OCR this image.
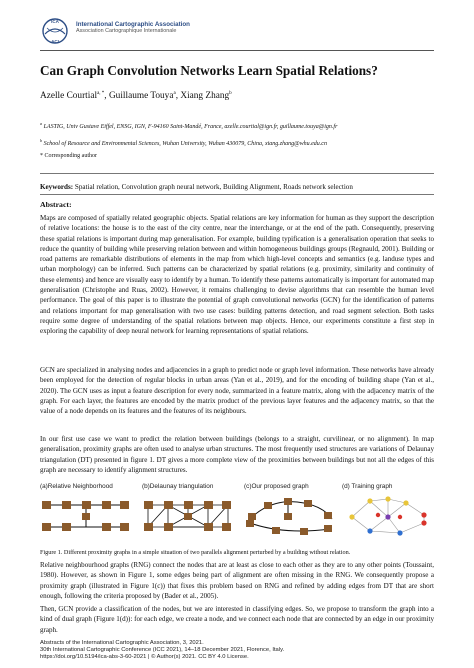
ICA
ACI
International Cartographic Association
Association Cartographique Internationale
Can Graph Convolution Networks Learn Spatial Relations?
Azelle Courtial$^{a, *}$, Guillaume Touya$^a$, Xiang Zhang$^b$
$^a$ LASTIG, Univ Gustave Eiffel, ENSG, IGN, F-94160 Saint-Mandé, France, azelle.courtial@ign.fr, guillaume.touya@ign.fr
$^b$ School of Resource and Environmental Sciences, Wuhan University, Wuhan 430079, China, xiang.zhang@whu.edu.cn
* Corresponding author
Keywords: Spatial relation, Convolution graph neural network, Building Alignment, Roads network selection
Abstract:

Maps are composed of spatially related geographic objects. Spatial relations are key information for human as they support the description of relative locations: the house is to the east of the city centre, near the interchange, or at the end of the path. Consequently, preserving these spatial relations is important during map generalisation. For example, building typification is a generalisation operation that seeks to reduce the quantity of building while preserving relation between and within homogeneous buildings groups (Regnauld, 2001). Building or road patterns are remarkable distributions of elements in the map from which high-level concepts and semantics (e.g. landuse types and urban morphology) can be inferred. Such patterns can be characterized by spatial relations (e.g. proximity, similarity and continuity of these elements) and hence are visually easy to identify by a human. To identify these patterns automatically is important for automated map generalisation (Christophe and Ruas, 2002). However, it remains challenging to devise algorithms that can resemble the human level performance. The goal of this paper is to illustrate the potential of graph convolutional networks (GCN) for the identification of patterns and relations important for map generalisation with two use cases: building patterns detection, and road segment selection. Both tasks require some degree of understanding of the spatial relations between map objects. Hence, our experiments constitute a first step in exploring the capability of deep neural network for learning representations of spatial relations.

GCN are specialized in analysing nodes and adjacencies in a graph to predict node or graph level information. These networks have already been employed for the detection of regular blocks in urban areas (Yan et al., 2019), and for the encoding of building shape (Yan et al., 2020). The GCN uses as input a feature description for every node, summarized in a feature matrix, along with the adjacency matrix of the graph. For each layer, the features are encoded by the matrix product of the previous layer features and the adjacency matrix, so that the value of a node depends on its features and the features of its neighbours.

In our first use case we want to predict the relation between buildings (belongs to a straight, curvilinear, or no alignment). In map generalisation, proximity graphs are often used to analyse urban structures. The most frequently used structures are variations of Delaunay triangulation (DT) presented in figure 1. DT gives a more complete view of the proximities between buildings but not all the edges of this graph are necessary to identify alignment structures.

(a)Relative Neighborhood	(b)Delaunay triangulation	(c)Our proposed graph	(d) Training graph
Figure 1. Different proximity graphs in a simple situation of two parallels alignment perturbed by a building without relation.

Relative neighbourhood graphs (RNG) connect the nodes that are at least as close to each other as they are to any other points (Toussaint, 1980). However, as shown in Figure 1, some edges being part of alignment are often missing in the RNG. We consequently propose a proximity graph (illustrated in Figure 1(c)) that fixes this problem based on RNG and refined by adding edges from DT that are short enough, following the criteria proposed by (Bader et al., 2005).

Then, GCN provide a classification of the nodes, but we are interested in classifying edges. So, we propose to transform the graph into a kind of dual graph (Figure 1(d)): for each edge, we create a node, and we connect each node that are connected by an edge in our proximity graph.

Abstracts of the International Cartographic Association, 3, 2021.
30th International Cartographic Conference (ICC 2021), 14–18 December 2021, Florence, Italy.
https://doi.org/10.5194/ica-abs-3-60-2021 | © Author(s) 2021. CC BY 4.0 License.
